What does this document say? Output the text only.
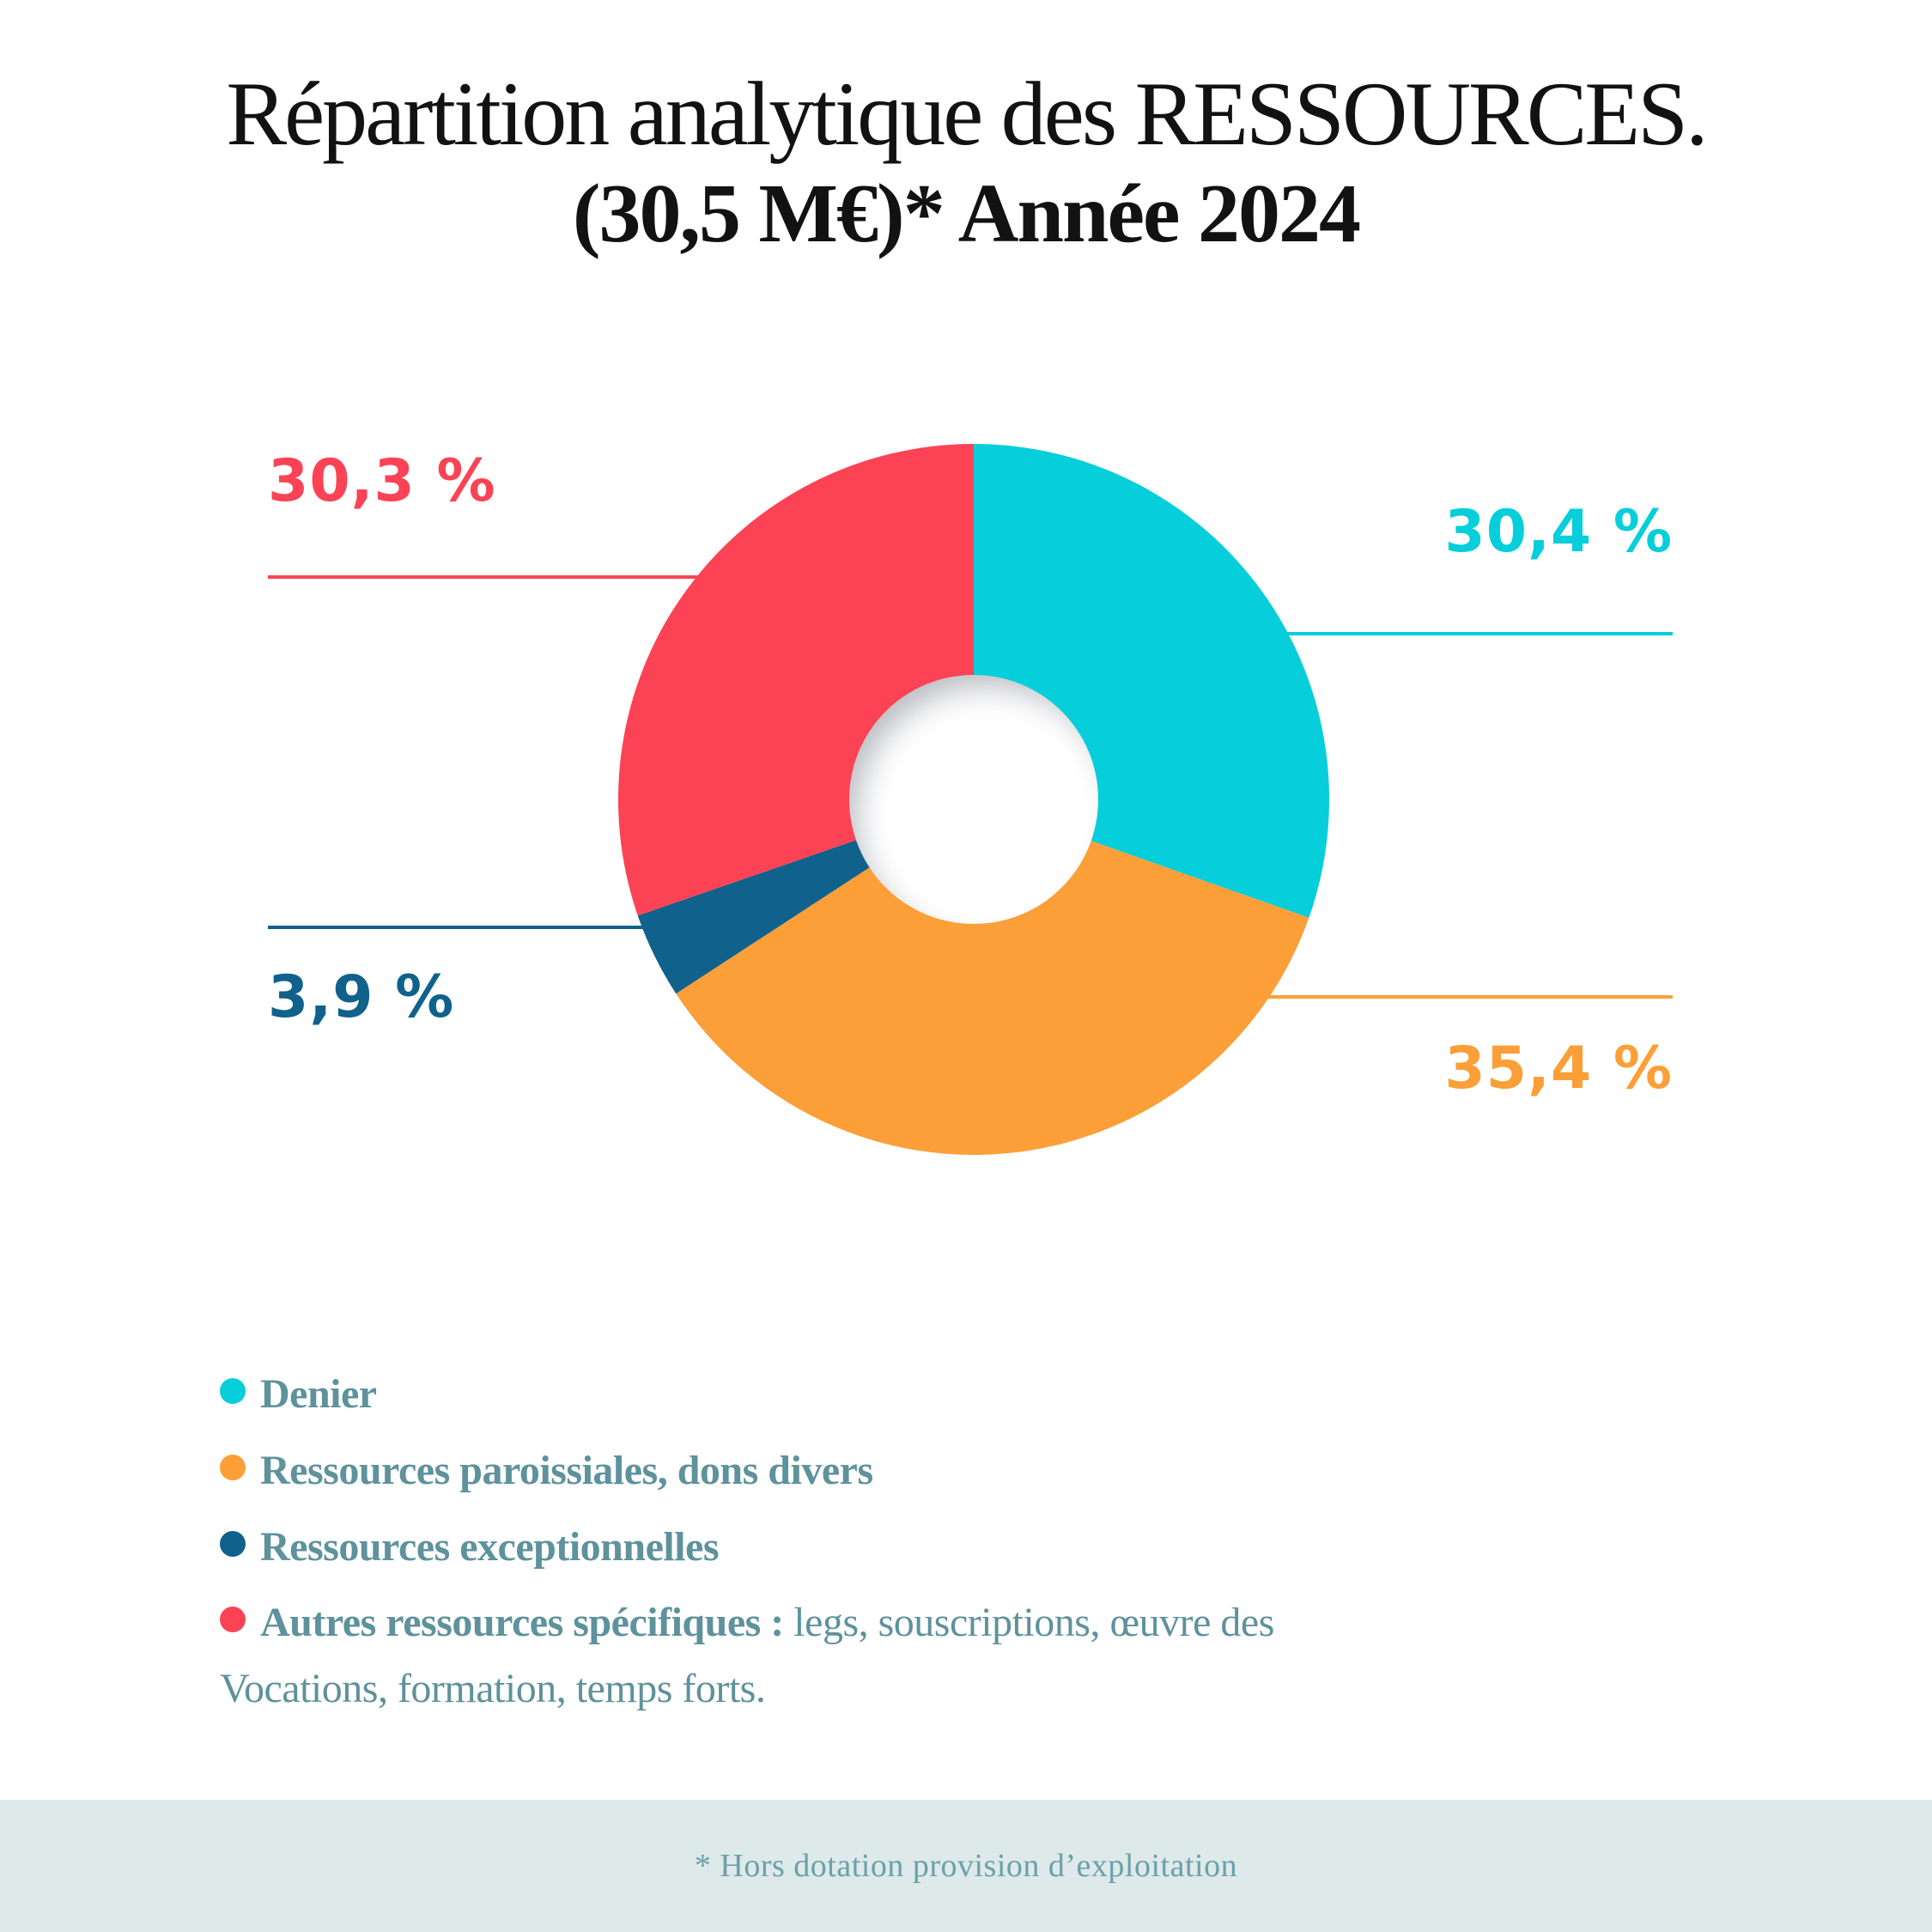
Répartition analytique des RESSOURCES.
(30,5 M€)* Année 2024
30,3 %
30,4 %
3,9 %
35,4 %
Denier
Ressources paroissiales, dons divers
Ressources exceptionnelles
Autres ressources spécifiques : legs, souscriptions, œuvre des Vocations, formation, temps forts.
* Hors dotation provision d’exploitation
